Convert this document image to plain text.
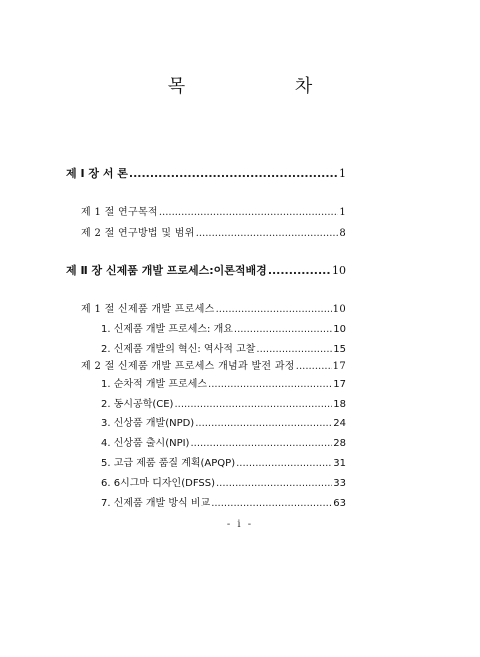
목 차
제 Ⅰ 장 서 론 .....	1
제 1 절 연구목적 .....	1
제 2 절 연구방법 및 범위 .....	8
제 Ⅱ 장 신제품 개발 프로세스:이론적배경 .....	10
제 1 절 신제품 개발 프로세스 .....	10
1. 신제품 개발 프로세스: 개요 .....	10
2. 신제품 개발의 혁신: 역사적 고찰 .....	15
제 2 절 신제품 개발 프로세스 개념과 발전 과정 .....	17
1. 순차적 개발 프로세스 .....	17
2. 동시공학(CE) .....	18
3. 신상품 개발(NPD) .....	24
4. 신상품 출시(NPI) .....	28
5. 고급 제품 품질 계획(APQP) .....	31
6. 6시그마 디자인(DFSS) .....	33
7. 신제품 개발 방식 비교 .....	63
- i -
